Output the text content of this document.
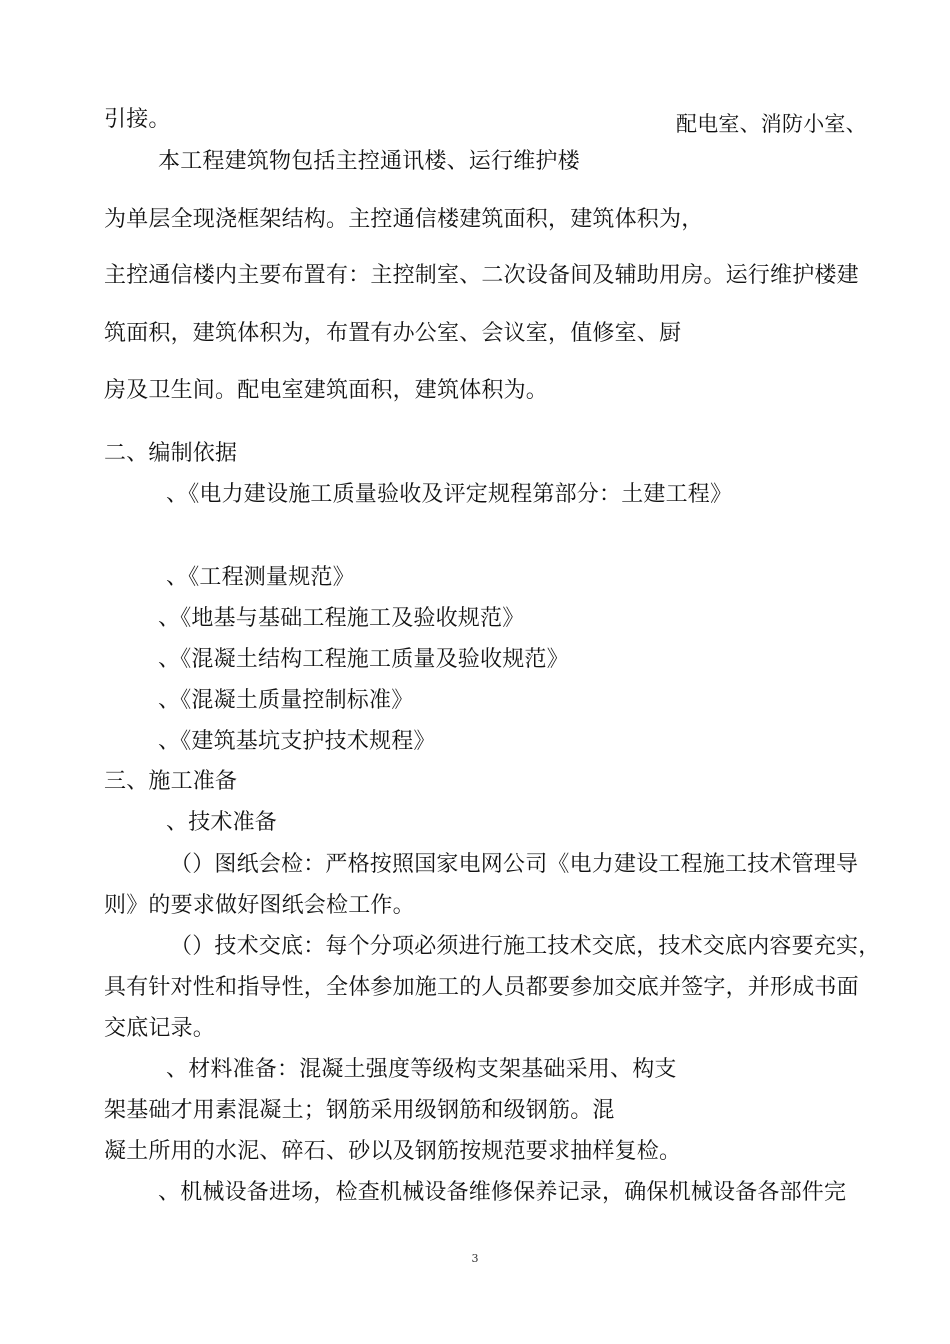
引接。	配电室、消防小室、
本工程建筑物包括主控通讯楼、运行维护楼
为单层全现浇框架结构。主控通信楼建筑面积，建筑体积为，
主控通信楼内主要布置有：主控制室、二次设备间及辅助用房。运行维护楼建
筑面积，建筑体积为，布置有办公室、会议室，值修室、厨
房及卫生间。配电室建筑面积，建筑体积为。
二、编制依据
、《电力建设施工质量验收及评定规程第部分：土建工程》
、《工程测量规范》
、《地基与基础工程施工及验收规范》
、《混凝土结构工程施工质量及验收规范》
、《混凝土质量控制标准》
、《建筑基坑支护技术规程》
三、施工准备
、技术准备
（）图纸会检：严格按照国家电网公司《电力建设工程施工技术管理导
则》的要求做好图纸会检工作。
（）技术交底：每个分项必须进行施工技术交底，技术交底内容要充实，
具有针对性和指导性，全体参加施工的人员都要参加交底并签字，并形成书面
交底记录。
、材料准备：混凝土强度等级构支架基础采用、构支
架基础才用素混凝土；钢筋采用级钢筋和级钢筋。混
凝土所用的水泥、碎石、砂以及钢筋按规范要求抽样复检。
、机械设备进场，检查机械设备维修保养记录，确保机械设备各部件完
3
